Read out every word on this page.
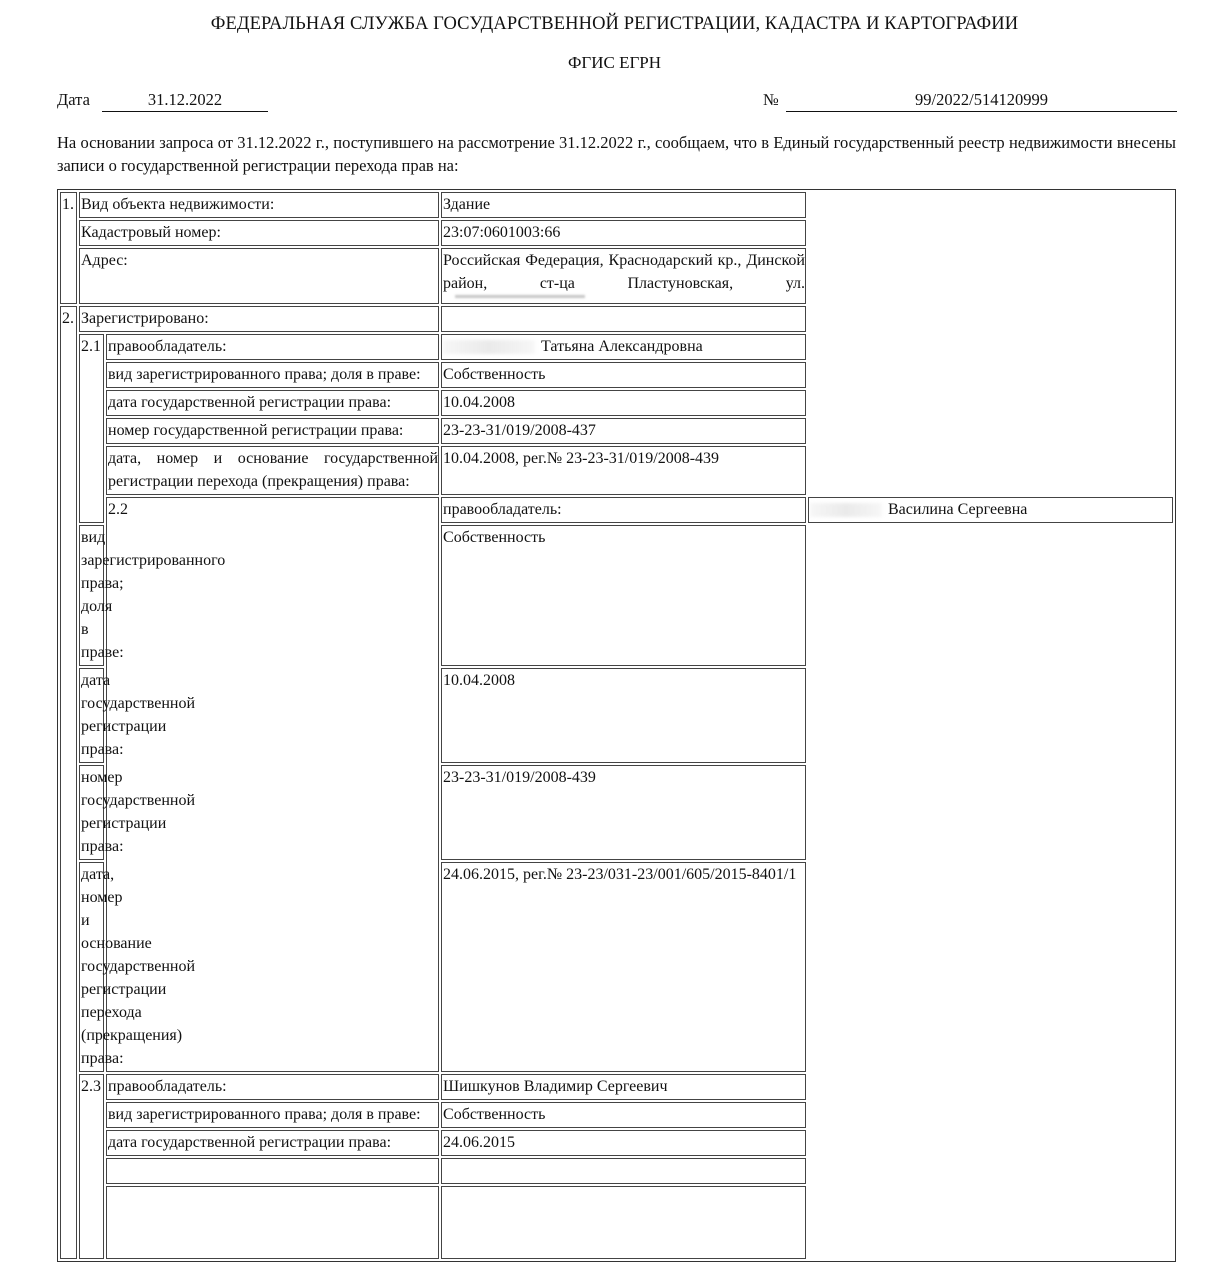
ФЕДЕРАЛЬНАЯ СЛУЖБА ГОСУДАРСТВЕННОЙ РЕГИСТРАЦИИ, КАДАСТРА И КАРТОГРАФИИ
ФГИС ЕГРН
Дата	31.12.2022	№	99/2022/514120999
На основании запроса от 31.12.2022 г., поступившего на рассмотрение 31.12.2022 г., сообщаем, что в Единый государственный реестр недвижимости внесены записи о государственной регистрации перехода прав на:
1.	Вид объекта недвижимости:		Здание	
	Кадастровый номер:		23:07:0601003:66	
	Адрес:		Российская Федерация, Краснодарский кр., Динской район, ст-ца Пластуновская, ул.	

2.	Зарегистрировано:			
	2.1	правообладатель:	Татьяна Александровна	
		вид зарегистрированного права; доля в праве:	Собственность	
		дата государственной регистрации права:	10.04.2008	
		номер государственной регистрации права:	23-23-31/019/2008-437	
		дата, номер и основание государственной регистрации перехода (прекращения) права:	10.04.2008, рег.№ 23-23-31/019/2008-439	
		2.2	правообладатель:	Василина Сергеевна
	вид зарегистрированного права; доля в праве:		Собственность	
	дата государственной регистрации права:		10.04.2008	
	номер государственной регистрации права:		23-23-31/019/2008-439	
	дата, номер и основание государственной регистрации перехода (прекращения) права:		24.06.2015, рег.№ 23-23/031-23/001/605/2015-8401/1	
	2.3	правообладатель:	Шишкунов Владимир Сергеевич	
		вид зарегистрированного права; доля в праве:	Собственность	
		дата государственной регистрации права:	24.06.2015	
